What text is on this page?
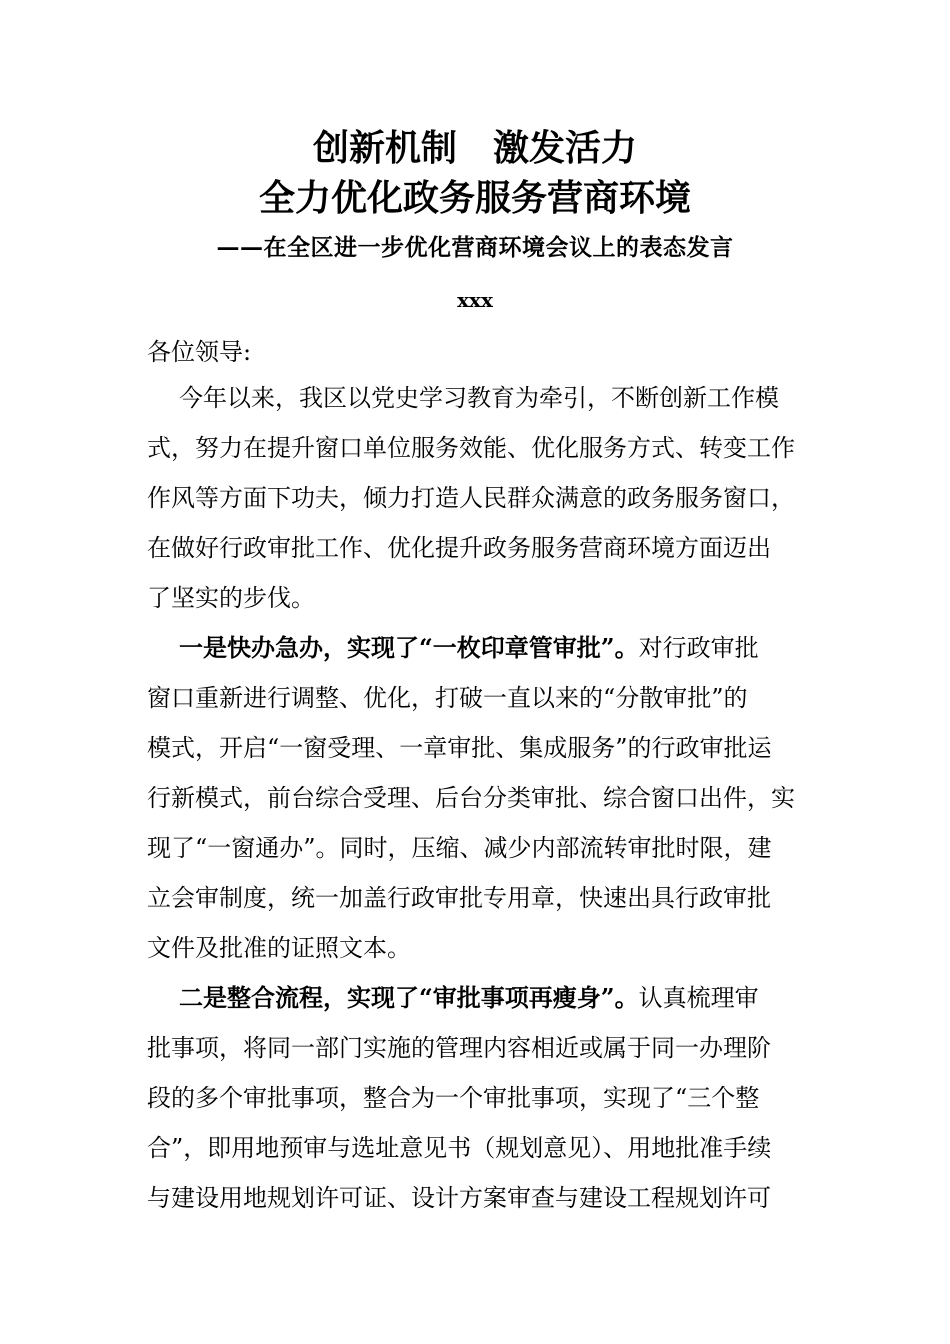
创新机制　激发活力
全力优化政务服务营商环境
——在全区进一步优化营商环境会议上的表态发言
xxx
各位领导:
今年以来，我区以党史学习教育为牵引，不断创新工作模
式，努力在提升窗口单位服务效能、优化服务方式、转变工作
作风等方面下功夫，倾力打造人民群众满意的政务服务窗口，
在做好行政审批工作、优化提升政务服务营商环境方面迈出
了坚实的步伐。
一是快办急办，实现了“一枚印章管审批”。对行政审批
窗口重新进行调整、优化，打破一直以来的“分散审批”的
模式，开启“一窗受理、一章审批、集成服务”的行政审批运
行新模式，前台综合受理、后台分类审批、综合窗口出件，实
现了“一窗通办”。同时，压缩、减少内部流转审批时限，建
立会审制度，统一加盖行政审批专用章，快速出具行政审批
文件及批准的证照文本。
二是整合流程，实现了“审批事项再瘦身”。认真梳理审
批事项，将同一部门实施的管理内容相近或属于同一办理阶
段的多个审批事项，整合为一个审批事项，实现了“三个整
合”，即用地预审与选址意见书（规划意见）、用地批准手续
与建设用地规划许可证、设计方案审查与建设工程规划许可
